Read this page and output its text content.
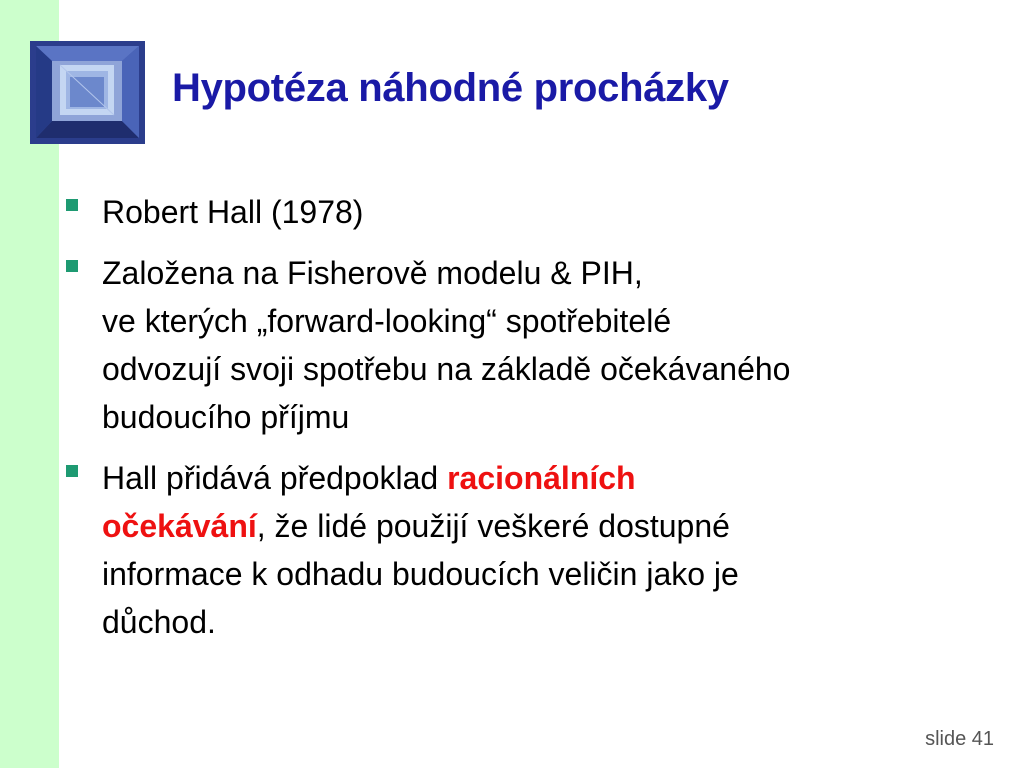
Hypotéza náhodné procházky
Robert Hall (1978)
Založena na Fisherově modelu & PIH,
ve kterých „forward-looking“ spotřebitelé
odvozují svoji spotřebu na základě očekávaného
budoucího příjmu
Hall přidává předpoklad racionálních
očekávání, že lidé použijí veškeré dostupné
informace k odhadu budoucích veličin jako je
důchod.
slide 41
